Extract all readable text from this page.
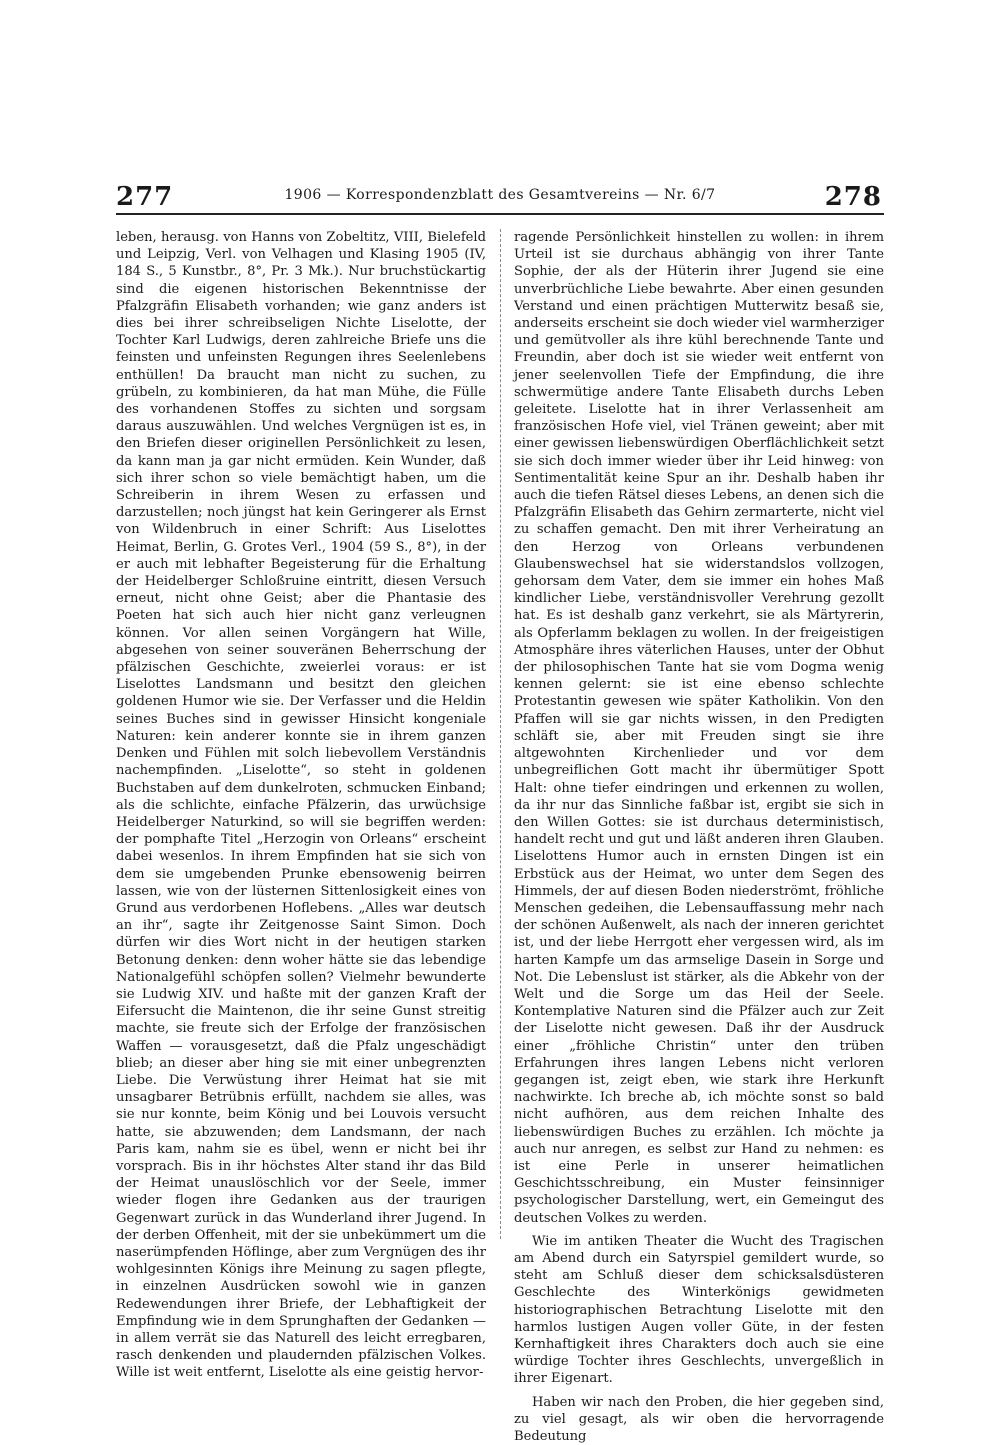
277	1906 — Korrespondenzblatt des Gesamtvereins — Nr. 6/7	278

leben, herausg. von Hanns von Zobeltitz, VIII, Bielefeld und Leipzig, Verl. von Velhagen und Klasing 1905 (IV, 184 S., 5 Kunstbr., 8°, Pr. 3 Mk.). Nur bruchstückartig sind die eigenen historischen Bekenntnisse der Pfalzgräfin Elisabeth vorhanden; wie ganz anders ist dies bei ihrer schreibseligen Nichte Liselotte, der Tochter Karl Ludwigs, deren zahlreiche Briefe uns die feinsten und unfeinsten Regungen ihres Seelenlebens enthüllen! Da braucht man nicht zu suchen, zu grübeln, zu kombinieren, da hat man Mühe, die Fülle des vorhandenen Stoffes zu sichten und sorgsam daraus auszuwählen. Und welches Vergnügen ist es, in den Briefen dieser originellen Persönlichkeit zu lesen, da kann man ja gar nicht ermüden. Kein Wunder, daß sich ihrer schon so viele bemächtigt haben, um die Schreiberin in ihrem Wesen zu erfassen und darzustellen; noch jüngst hat kein Geringerer als Ernst von Wildenbruch in einer Schrift: Aus Liselottes Heimat, Berlin, G. Grotes Verl., 1904 (59 S., 8°), in der er auch mit lebhafter Begeisterung für die Erhaltung der Heidelberger Schloßruine eintritt, diesen Versuch erneut, nicht ohne Geist; aber die Phantasie des Poeten hat sich auch hier nicht ganz verleugnen können. Vor allen seinen Vorgängern hat Wille, abgesehen von seiner souveränen Beherrschung der pfälzischen Geschichte, zweierlei voraus: er ist Liselottes Landsmann und besitzt den gleichen goldenen Humor wie sie. Der Verfasser und die Heldin seines Buches sind in gewisser Hinsicht kongeniale Naturen: kein anderer konnte sie in ihrem ganzen Denken und Fühlen mit solch liebevollem Verständnis nachempfinden. „Liselotte“, so steht in goldenen Buchstaben auf dem dunkelroten, schmucken Einband; als die schlichte, einfache Pfälzerin, das urwüchsige Heidelberger Naturkind, so will sie begriffen werden: der pomphafte Titel „Herzogin von Orleans“ erscheint dabei wesenlos. In ihrem Empfinden hat sie sich von dem sie umgebenden Prunke ebensowenig beirren lassen, wie von der lüsternen Sittenlosigkeit eines von Grund aus verdorbenen Hoflebens. „Alles war deutsch an ihr“, sagte ihr Zeitgenosse Saint Simon. Doch dürfen wir dies Wort nicht in der heutigen starken Betonung denken: denn woher hätte sie das lebendige Nationalgefühl schöpfen sollen? Vielmehr bewunderte sie Ludwig XIV. und haßte mit der ganzen Kraft der Eifersucht die Maintenon, die ihr seine Gunst streitig machte, sie freute sich der Erfolge der französischen Waffen — vorausgesetzt, daß die Pfalz ungeschädigt blieb; an dieser aber hing sie mit einer unbegrenzten Liebe. Die Verwüstung ihrer Heimat hat sie mit unsagbarer Betrübnis erfüllt, nachdem sie alles, was sie nur konnte, beim König und bei Louvois versucht hatte, sie abzuwenden; dem Landsmann, der nach Paris kam, nahm sie es übel, wenn er nicht bei ihr vorsprach. Bis in ihr höchstes Alter stand ihr das Bild der Heimat unauslöschlich vor der Seele, immer wieder flogen ihre Gedanken aus der traurigen Gegenwart zurück in das Wunderland ihrer Jugend. In der derben Offenheit, mit der sie unbekümmert um die naserümpfenden Höflinge, aber zum Vergnügen des ihr wohlgesinnten Königs ihre Meinung zu sagen pflegte, in einzelnen Ausdrücken sowohl wie in ganzen Redewendungen ihrer Briefe, der Lebhaftigkeit der Empfindung wie in dem Sprunghaften der Gedanken — in allem verrät sie das Naturell des leicht erregbaren, rasch denkenden und plaudernden pfälzischen Volkes. Wille ist weit entfernt, Liselotte als eine geistig hervor-

ragende Persönlichkeit hinstellen zu wollen: in ihrem Urteil ist sie durchaus abhängig von ihrer Tante Sophie, der als der Hüterin ihrer Jugend sie eine unverbrüchliche Liebe bewahrte. Aber einen gesunden Verstand und einen prächtigen Mutterwitz besaß sie, anderseits erscheint sie doch wieder viel warmherziger und gemütvoller als ihre kühl berechnende Tante und Freundin, aber doch ist sie wieder weit entfernt von jener seelenvollen Tiefe der Empfindung, die ihre schwermütige andere Tante Elisabeth durchs Leben geleitete. Liselotte hat in ihrer Verlassenheit am französischen Hofe viel, viel Tränen geweint; aber mit einer gewissen liebenswürdigen Oberflächlichkeit setzt sie sich doch immer wieder über ihr Leid hinweg: von Sentimentalität keine Spur an ihr. Deshalb haben ihr auch die tiefen Rätsel dieses Lebens, an denen sich die Pfalzgräfin Elisabeth das Gehirn zermarterte, nicht viel zu schaffen gemacht. Den mit ihrer Verheiratung an den Herzog von Orleans verbundenen Glaubenswechsel hat sie widerstandslos vollzogen, gehorsam dem Vater, dem sie immer ein hohes Maß kindlicher Liebe, verständnisvoller Verehrung gezollt hat. Es ist deshalb ganz verkehrt, sie als Märtyrerin, als Opferlamm beklagen zu wollen. In der freigeistigen Atmosphäre ihres väterlichen Hauses, unter der Obhut der philosophischen Tante hat sie vom Dogma wenig kennen gelernt: sie ist eine ebenso schlechte Protestantin gewesen wie später Katholikin. Von den Pfaffen will sie gar nichts wissen, in den Predigten schläft sie, aber mit Freuden singt sie ihre altgewohnten Kirchenlieder und vor dem unbegreiflichen Gott macht ihr übermütiger Spott Halt: ohne tiefer eindringen und erkennen zu wollen, da ihr nur das Sinnliche faßbar ist, ergibt sie sich in den Willen Gottes: sie ist durchaus deterministisch, handelt recht und gut und läßt anderen ihren Glauben. Liselottens Humor auch in ernsten Dingen ist ein Erbstück aus der Heimat, wo unter dem Segen des Himmels, der auf diesen Boden niederströmt, fröhliche Menschen gedeihen, die Lebensauffassung mehr nach der schönen Außenwelt, als nach der inneren gerichtet ist, und der liebe Herrgott eher vergessen wird, als im harten Kampfe um das armselige Dasein in Sorge und Not. Die Lebenslust ist stärker, als die Abkehr von der Welt und die Sorge um das Heil der Seele. Kontemplative Naturen sind die Pfälzer auch zur Zeit der Liselotte nicht gewesen. Daß ihr der Ausdruck einer „fröhliche Christin“ unter den trüben Erfahrungen ihres langen Lebens nicht verloren gegangen ist, zeigt eben, wie stark ihre Herkunft nachwirkte. Ich breche ab, ich möchte sonst so bald nicht aufhören, aus dem reichen Inhalte des liebenswürdigen Buches zu erzählen. Ich möchte ja auch nur anregen, es selbst zur Hand zu nehmen: es ist eine Perle in unserer heimatlichen Geschichtsschreibung, ein Muster feinsinniger psychologischer Darstellung, wert, ein Gemeingut des deutschen Volkes zu werden.

Wie im antiken Theater die Wucht des Tragischen am Abend durch ein Satyrspiel gemildert wurde, so steht am Schluß dieser dem schicksalsdüsteren Geschlechte des Winterkönigs gewidmeten historiographischen Betrachtung Liselotte mit den harmlos lustigen Augen voller Güte, in der festen Kernhaftigkeit ihres Charakters doch auch sie eine würdige Tochter ihres Geschlechts, unvergeßlich in ihrer Eigenart.

Haben wir nach den Proben, die hier gegeben sind, zu viel gesagt, als wir oben die hervorragende Bedeutung
